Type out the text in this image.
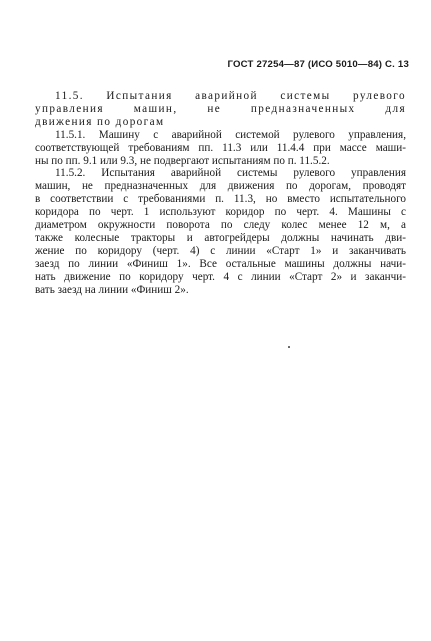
ГОСТ 27254—87 (ИСО 5010—84) С. 13

11.5. Испытания аварийной системы рулевого
управления машин, не предназначенных для
движения по дорогам

11.5.1. Машину с аварийной системой рулевого управления,
соответствующей требованиям пп. 11.3 или 11.4.4 при массе маши-
ны по пп. 9.1 или 9.3, не подвергают испытаниям по п. 11.5.2.

11.5.2. Испытания аварийной системы рулевого управления
машин, не предназначенных для движения по дорогам, проводят
в соответствии с требованиями п. 11.3, но вместо испытательного
коридора по черт. 1 используют коридор по черт. 4. Машины с
диаметром окружности поворота по следу колес менее 12 м, а
также колесные тракторы и автогрейдеры должны начинать дви-
жение по коридору (черт. 4) с линии «Старт 1» и заканчивать
заезд по линии «Финиш 1». Все остальные машины должны начи-
нать движение по коридору черт. 4 с линии «Старт 2» и заканчи-
вать заезд на линии «Финиш 2».
